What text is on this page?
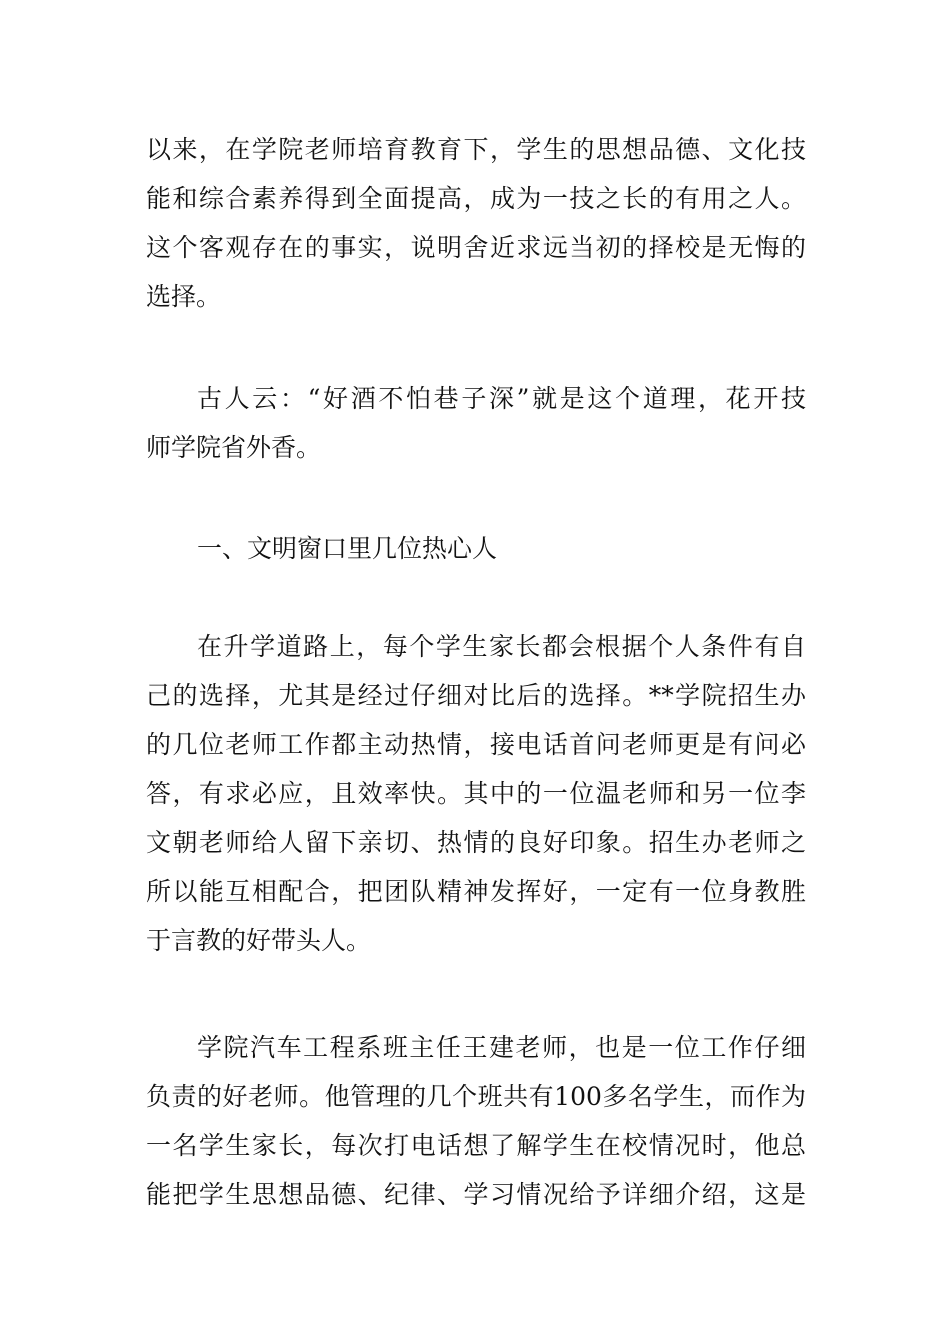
以来，在学院老师培育教育下，学生的思想品德、文化技
能和综合素养得到全面提高，成为一技之长的有用之人。
这个客观存在的事实，说明舍近求远当初的择校是无悔的
选择。
古人云：“好酒不怕巷子深”就是这个道理，花开技
师学院省外香。
一、文明窗口里几位热心人
在升学道路上，每个学生家长都会根据个人条件有自
己的选择，尤其是经过仔细对比后的选择。**学院招生办
的几位老师工作都主动热情，接电话首问老师更是有问必
答，有求必应，且效率快。其中的一位温老师和另一位李
文朝老师给人留下亲切、热情的良好印象。招生办老师之
所以能互相配合，把团队精神发挥好，一定有一位身教胜
于言教的好带头人。
学院汽车工程系班主任王建老师，也是一位工作仔细
负责的好老师。他管理的几个班共有100多名学生，而作为
一名学生家长，每次打电话想了解学生在校情况时，他总
能把学生思想品德、纪律、学习情况给予详细介绍，这是
